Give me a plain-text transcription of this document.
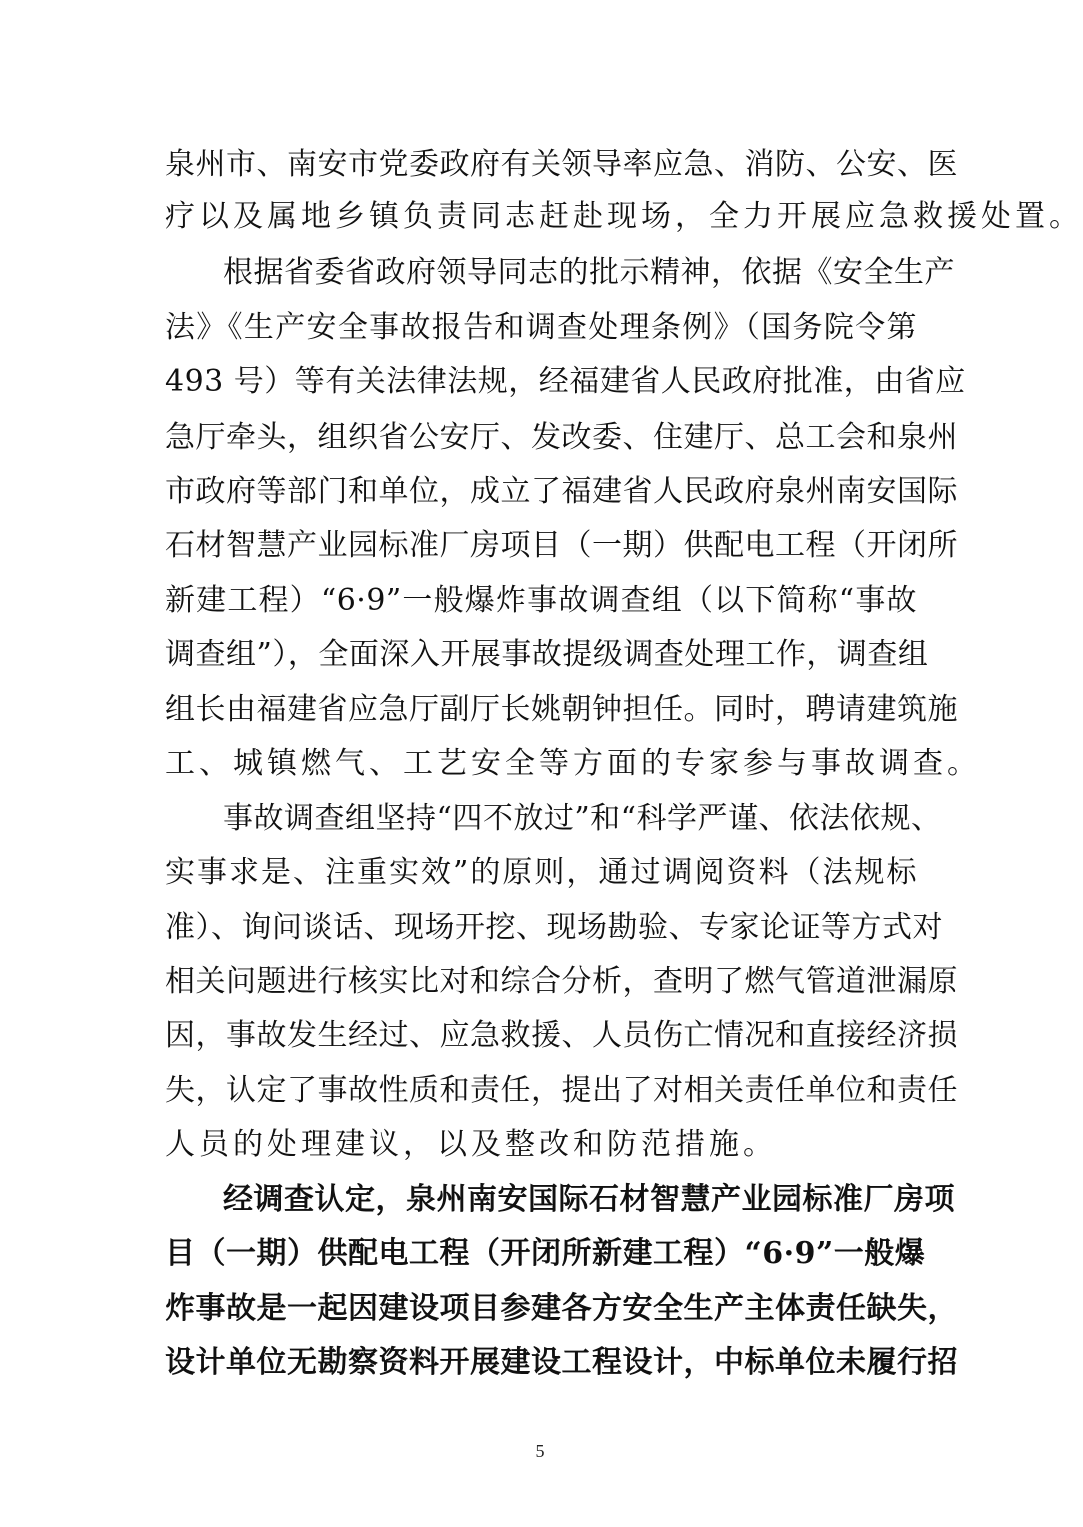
泉州市、南安市党委政府有关领导率应急、消防、公安、医
疗以及属地乡镇负责同志赶赴现场，全力开展应急救援处置。
根据省委省政府领导同志的批示精神，依据《安全生产
法》《生产安全事故报告和调查处理条例》（国务院令第
493 号）等有关法律法规，经福建省人民政府批准，由省应
急厅牵头，组织省公安厅、发改委、住建厅、总工会和泉州
市政府等部门和单位，成立了福建省人民政府泉州南安国际
石材智慧产业园标准厂房项目（一期）供配电工程（开闭所
新建工程）“6·9”一般爆炸事故调查组（以下简称“事故
调查组”），全面深入开展事故提级调查处理工作，调查组
组长由福建省应急厅副厅长姚朝钟担任。同时，聘请建筑施
工、城镇燃气、工艺安全等方面的专家参与事故调查。
事故调查组坚持“四不放过”和“科学严谨、依法依规、
实事求是、注重实效”的原则，通过调阅资料（法规标
准）、询问谈话、现场开挖、现场勘验、专家论证等方式对
相关问题进行核实比对和综合分析，查明了燃气管道泄漏原
因，事故发生经过、应急救援、人员伤亡情况和直接经济损
失，认定了事故性质和责任，提出了对相关责任单位和责任
人员的处理建议，以及整改和防范措施。
经调查认定，泉州南安国际石材智慧产业园标准厂房项
目（一期）供配电工程（开闭所新建工程）“6·9”一般爆
炸事故是一起因建设项目参建各方安全生产主体责任缺失，
设计单位无勘察资料开展建设工程设计，中标单位未履行招
5
